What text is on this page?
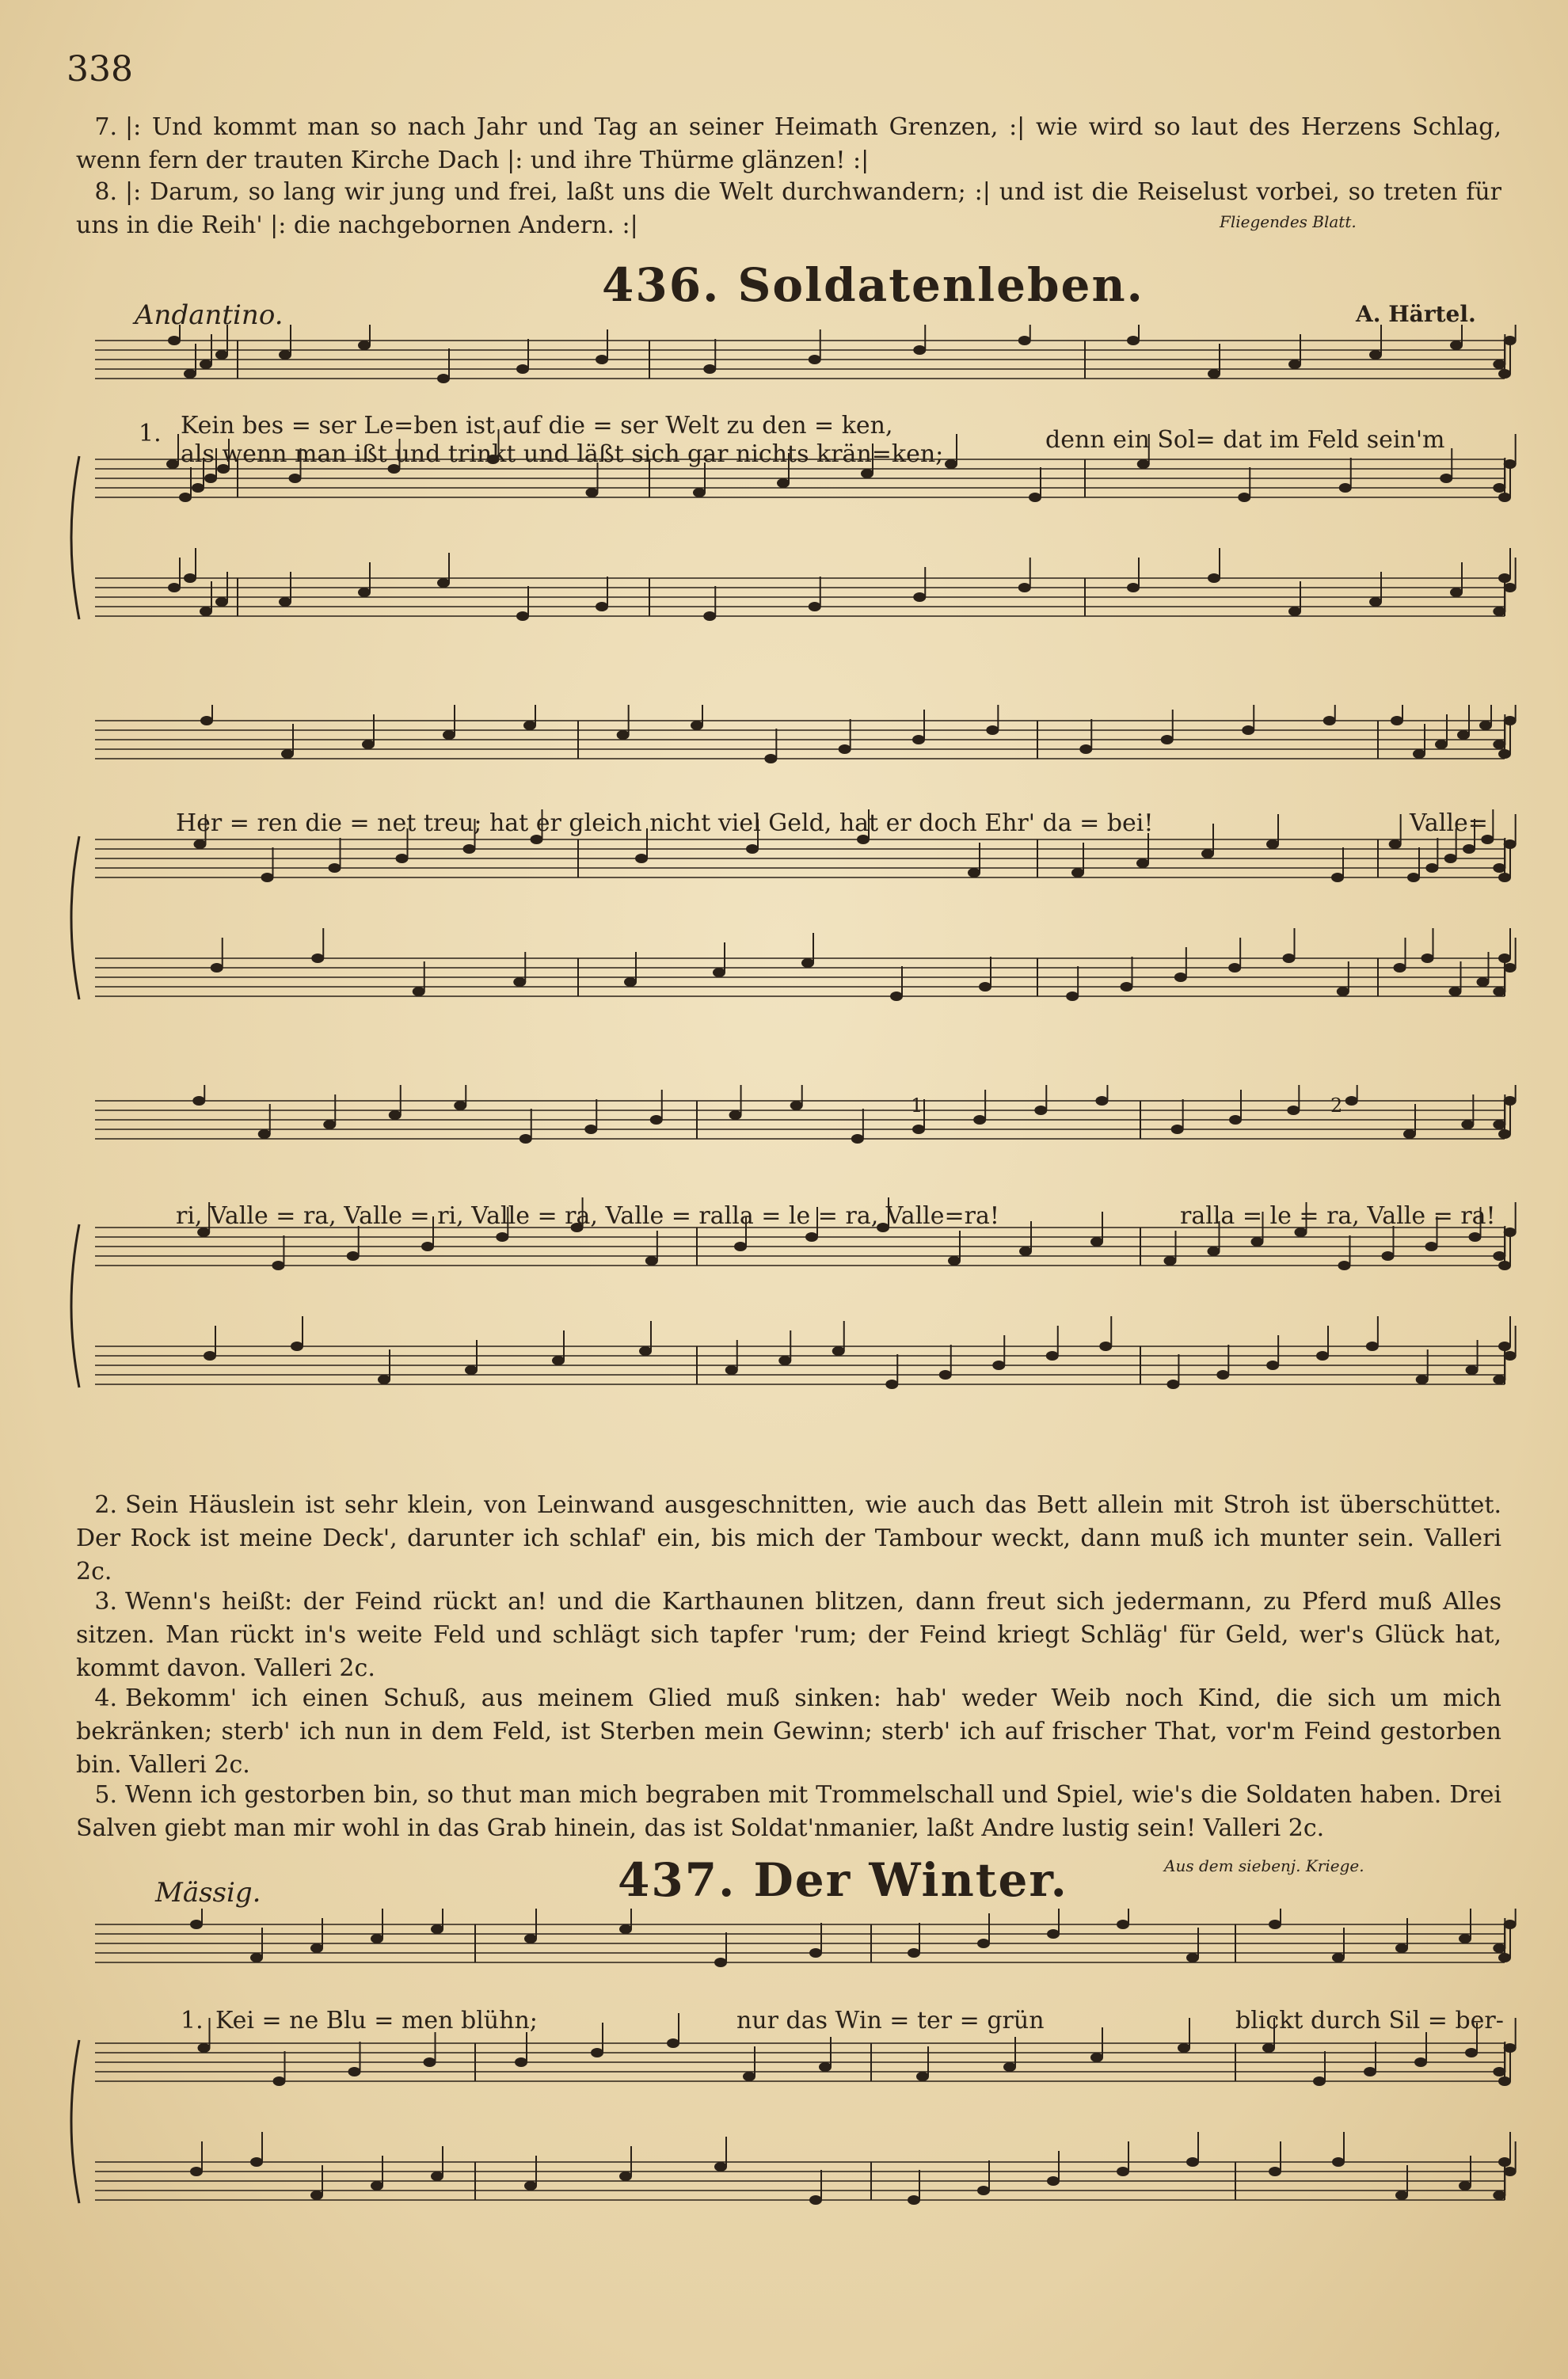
338
7. |: Und kommt man so nach Jahr und Tag an seiner Heimath Grenzen, :| wie wird so laut des Herzens Schlag, wenn fern der trauten Kirche Dach |: und ihre Thürme glänzen! :|
8. |: Darum, so lang wir jung und frei, laßt uns die Welt durchwandern; :| und ist die Reiselust vorbei, so treten für uns in die Reih' |: die nachgebornen Andern. :|	Fliegendes Blatt.
436. Soldatenleben.
Andantino.	A. Härtel.
1. Kein bes = ser Le=ben ist auf die = ser Welt zu den = ken,
als wenn man ißt und trinkt und läßt sich gar nichts krän=ken;
denn ein Sol= dat im Feld sein'm
Her = ren die = net treu; hat er gleich nicht viel Geld, hat er doch Ehr' da = bei!	Valle=
ri, Valle = ra, Valle = ri, Valle = ra, Valle = ralla = le = ra, Valle=ra!	ralla = le = ra, Valle = ra!
1	2
2. Sein Häuslein ist sehr klein, von Leinwand ausgeschnitten, wie auch das Bett allein mit Stroh ist überschüttet. Der Rock ist meine Deck', darunter ich schlaf' ein, bis mich der Tambour weckt, dann muß ich munter sein. Valleri 2c.
3. Wenn's heißt: der Feind rückt an! und die Karthaunen blitzen, dann freut sich jedermann, zu Pferd muß Alles sitzen. Man rückt in's weite Feld und schlägt sich tapfer 'rum; der Feind kriegt Schläg' für Geld, wer's Glück hat, kommt davon. Valleri 2c.
4. Bekomm' ich einen Schuß, aus meinem Glied muß sinken: hab' weder Weib noch Kind, die sich um mich bekränken; sterb' ich nun in dem Feld, ist Sterben mein Gewinn; sterb' ich auf frischer That, vor'm Feind gestorben bin. Valleri 2c.
5. Wenn ich gestorben bin, so thut man mich begraben mit Trommelschall und Spiel, wie's die Soldaten haben. Drei Salven giebt man mir wohl in das Grab hinein, das ist Soldat'nmanier, laßt Andre lustig sein! Valleri 2c.
Aus dem siebenj. Kriege.
437. Der Winter.
Mässig.
1. Kei = ne Blu = men blühn;	nur das Win = ter = grün	blickt durch Sil = ber-
